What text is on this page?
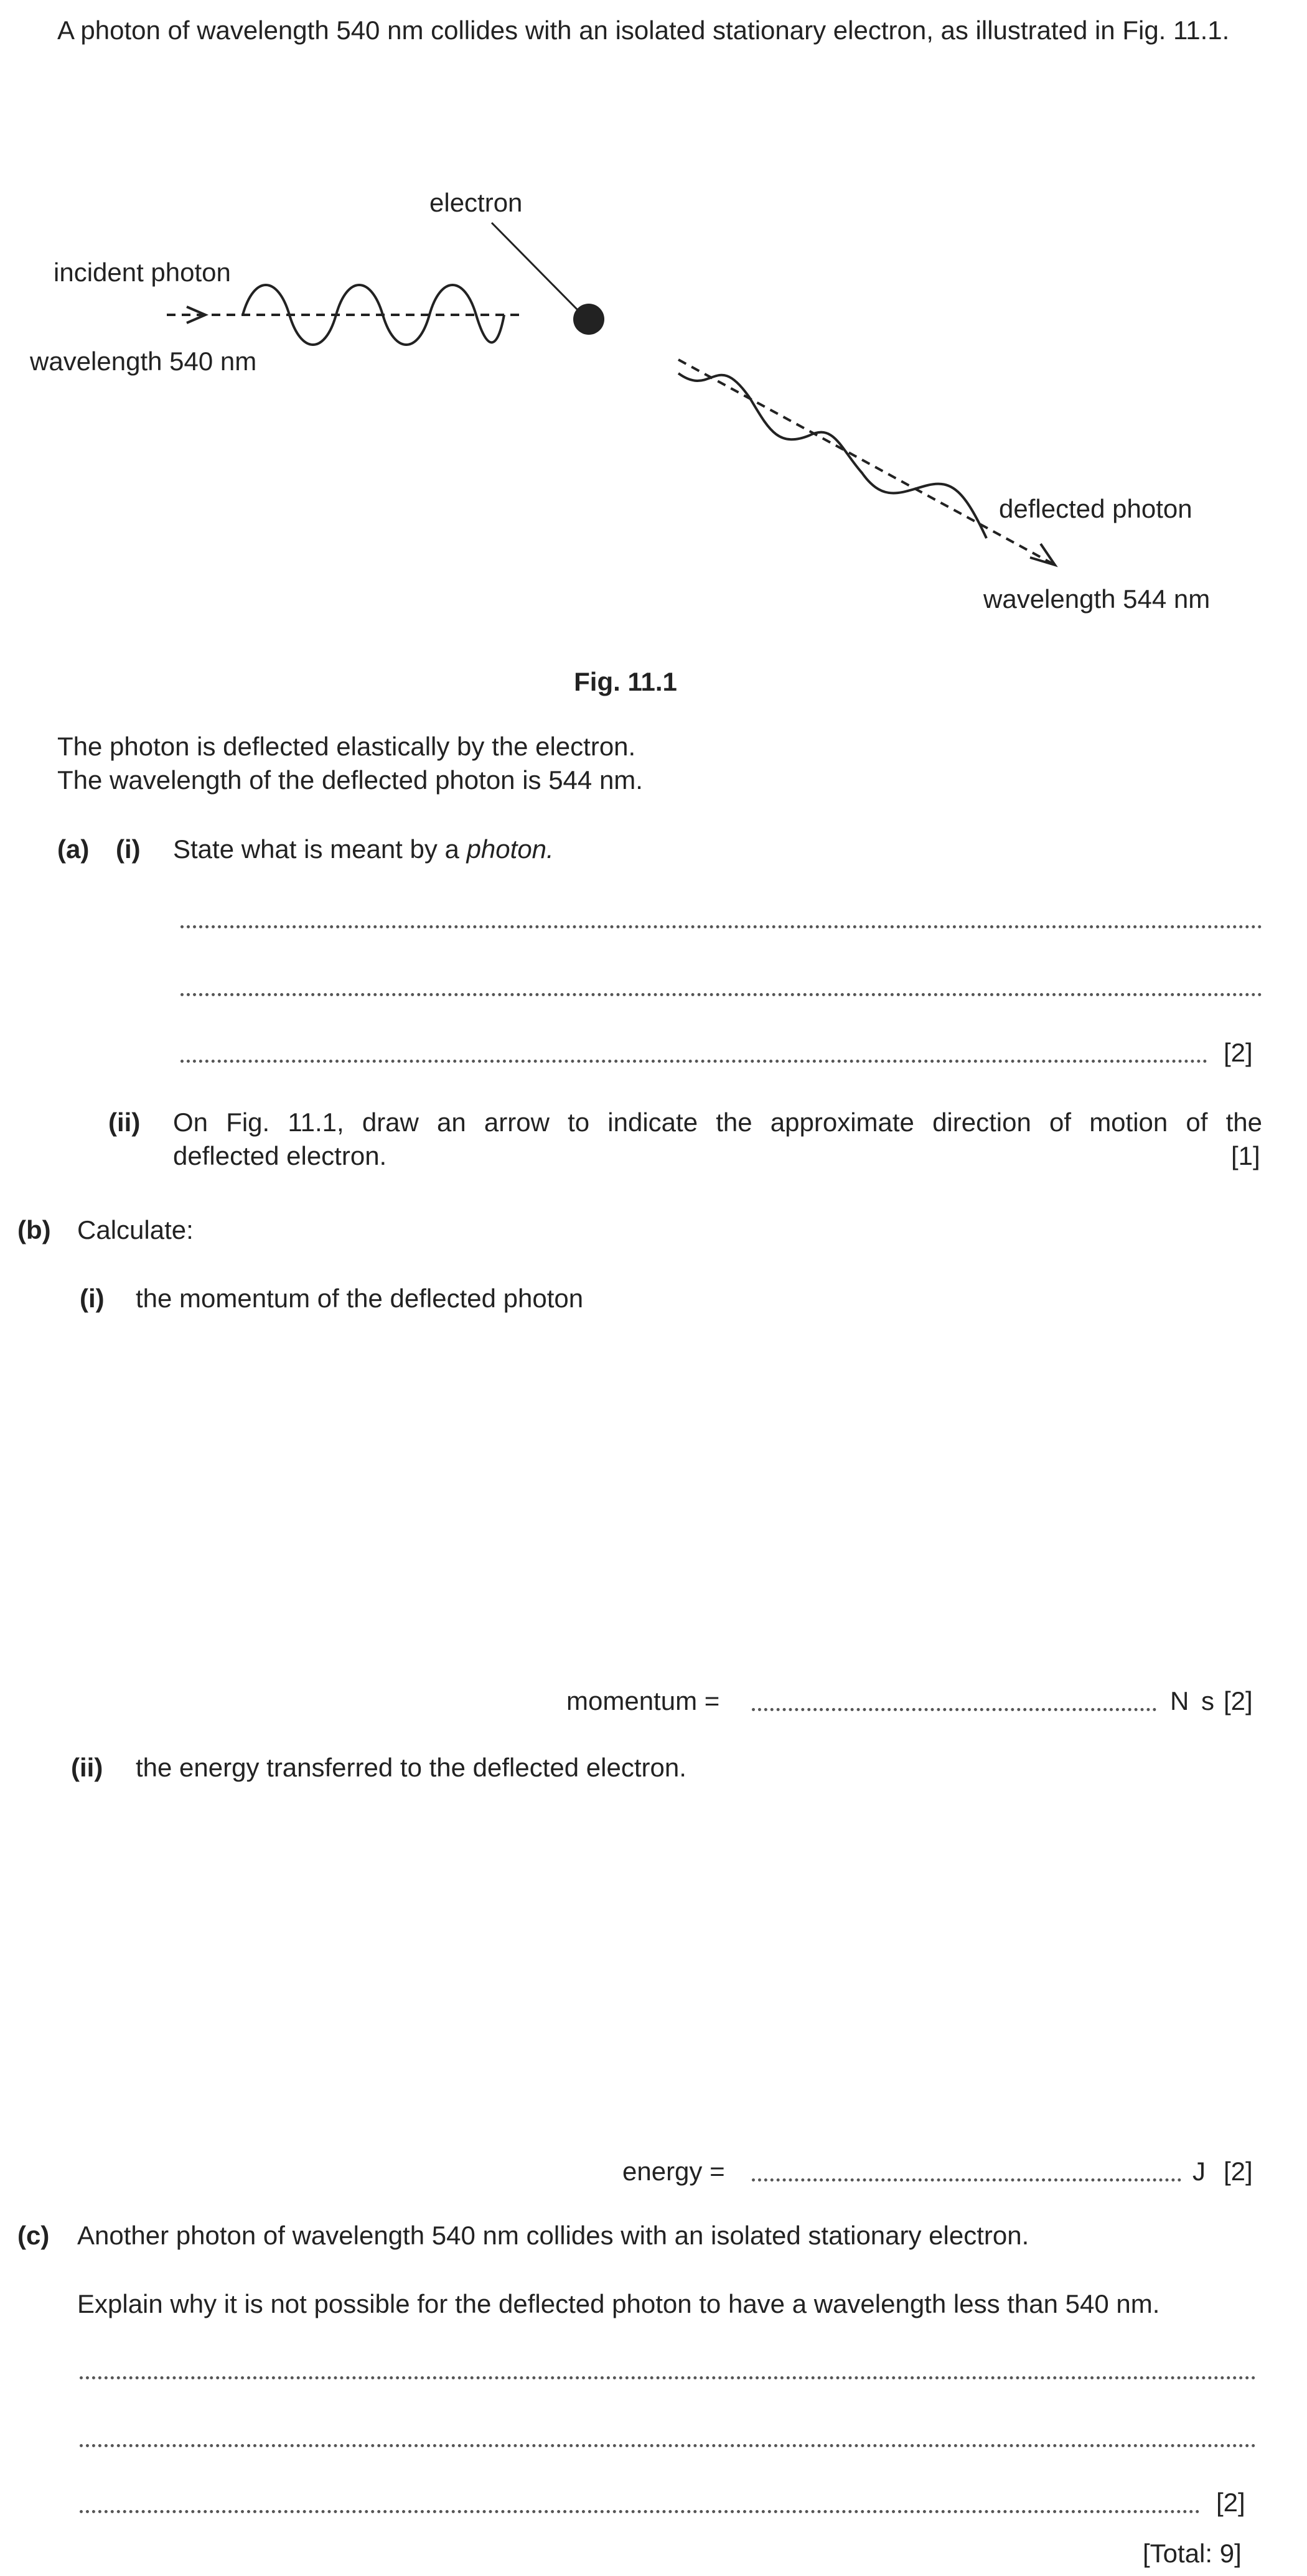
A photon of wavelength 540 nm collides with an isolated stationary electron, as illustrated in Fig. 11.1.
electron
incident photon
wavelength 540 nm
deflected photon
wavelength 544 nm
Fig. 11.1
The photon is deflected elastically by the electron.
The wavelength of the deflected photon is 544 nm.
(a) (i) State what is meant by a photon.
[2]
(ii) On Fig. 11.1, draw an arrow to indicate the approximate direction of motion of the
deflected electron.	[1]
(b) Calculate:
(i) the momentum of the deflected photon
momentum =	N s [2]
(ii) the energy transferred to the deflected electron.
energy =	J [2]
(c) Another photon of wavelength 540 nm collides with an isolated stationary electron.
Explain why it is not possible for the deflected photon to have a wavelength less than 540 nm.
[2]
[Total: 9]
